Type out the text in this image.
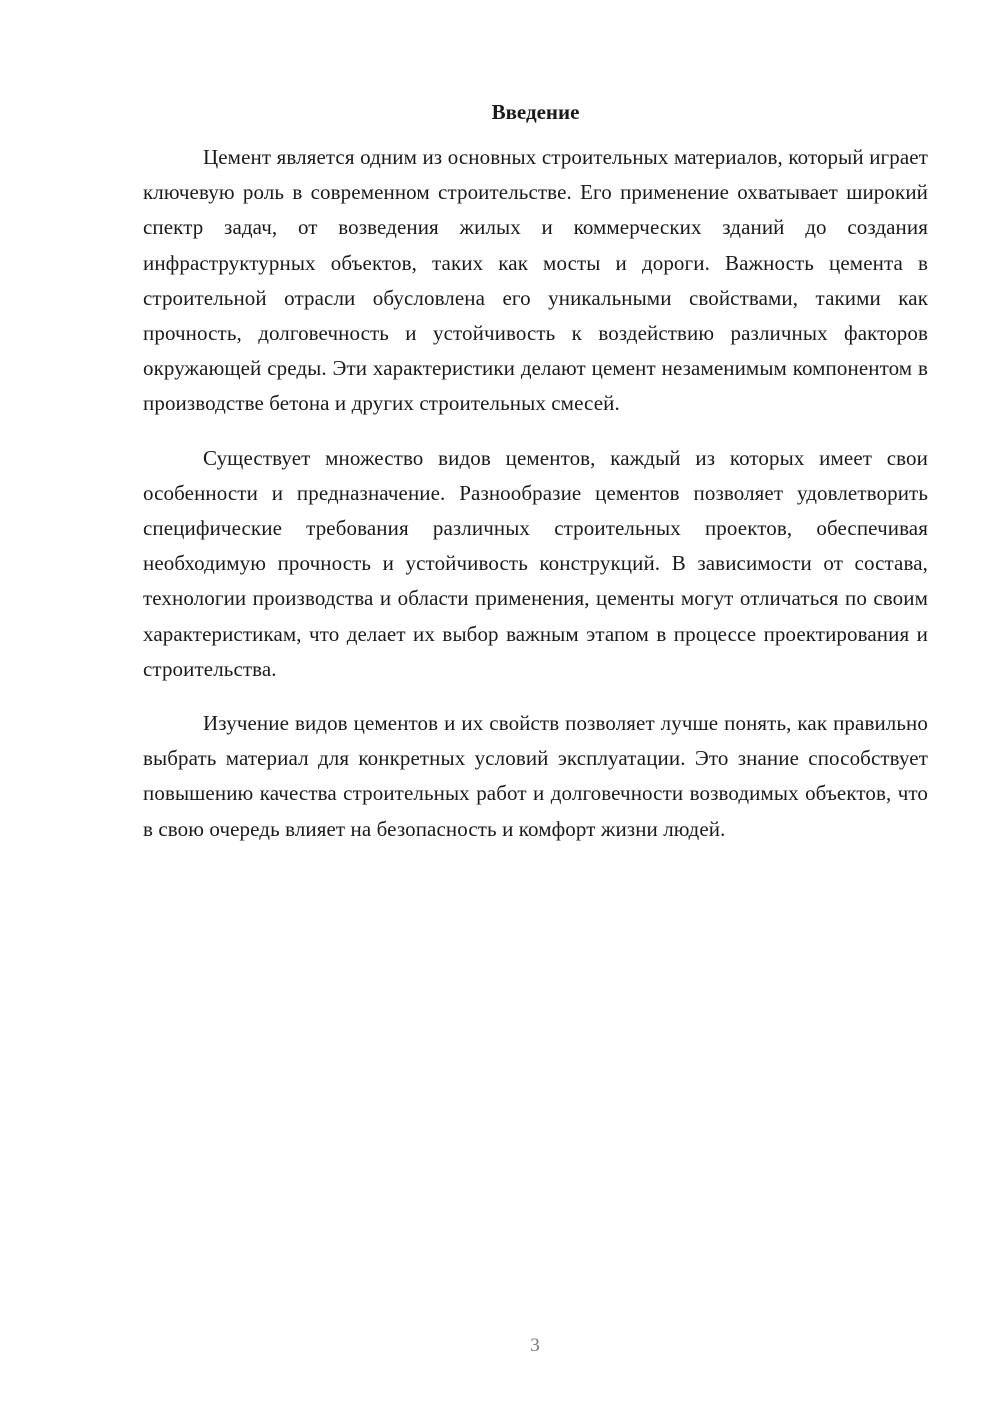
Введение

Цемент является одним из основных строительных материалов, который играет ключевую роль в современном строительстве. Его применение охватывает широкий спектр задач, от возведения жилых и коммерческих зданий до создания инфраструктурных объектов, таких как мосты и дороги. Важность цемента в строительной отрасли обусловлена его уникальными свойствами, такими как прочность, долговечность и устойчивость к воздействию различных факторов окружающей среды. Эти характеристики делают цемент незаменимым компонентом в производстве бетона и других строительных смесей.

Существует множество видов цементов, каждый из которых имеет свои особенности и предназначение. Разнообразие цементов позволяет удовлетворить специфические требования различных строительных проектов, обеспечивая необходимую прочность и устойчивость конструкций. В зависимости от состава, технологии производства и области применения, цементы могут отличаться по своим характеристикам, что делает их выбор важным этапом в процессе проектирования и строительства.

Изучение видов цементов и их свойств позволяет лучше понять, как правильно выбрать материал для конкретных условий эксплуатации. Это знание способствует повышению качества строительных работ и долговечности возводимых объектов, что в свою очередь влияет на безопасность и комфорт жизни людей.

3
